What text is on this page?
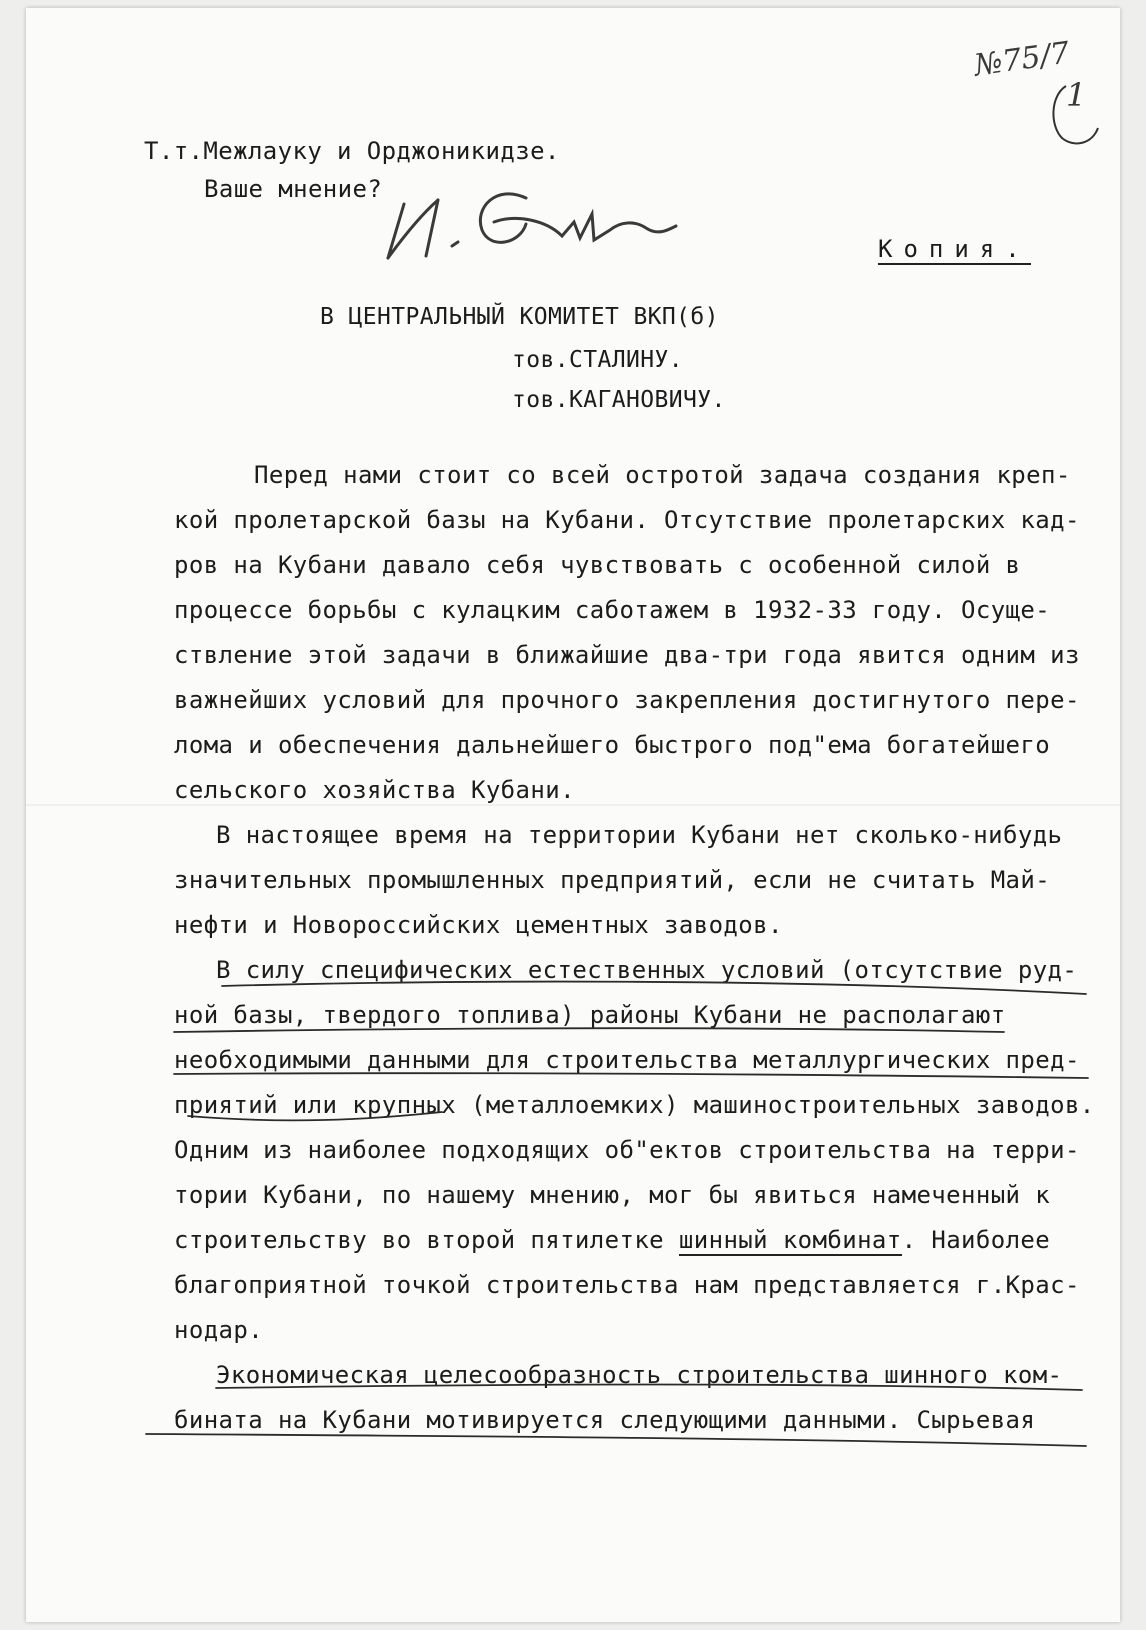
№75/7
1
Т.т.Межлауку и Орджоникидзе.
Ваше мнение?
Копия.
В ЦЕНТРАЛЬНЫЙ КОМИТЕТ ВКП(б)
тов.СТАЛИНУ.
тов.КАГАНОВИЧУ.
Перед нами стоит со всей остротой задача создания креп-
кой пролетарской базы на Кубани. Отсутствие пролетарских кад-
ров на Кубани давало себя чувствовать с особенной силой в
процессе борьбы с кулацким саботажем в 1932-33 году. Осуще-
ствление этой задачи в ближайшие два-три года явится одним из
важнейших условий для прочного закрепления достигнутого пере-
лома и обеспечения дальнейшего быстрого под"ема богатейшего
сельского хозяйства Кубани.
В настоящее время на территории Кубани нет сколько-нибудь
значительных промышленных предприятий, если не считать Май-
нефти и Новороссийских цементных заводов.
В силу специфических естественных условий (отсутствие руд-
ной базы, твердого топлива) районы Кубани не располагают
необходимыми данными для строительства металлургических пред-
приятий или крупных (металлоемких) машиностроительных заводов.
Одним из наиболее подходящих об"ектов строительства на терри-
тории Кубани, по нашему мнению, мог бы явиться намеченный к
строительству во второй пятилетке шинный комбинат. Наиболее
благоприятной точкой строительства нам представляется г.Крас-
нодар.
Экономическая целесообразность строительства шинного ком-
бината на Кубани мотивируется следующими данными. Сырьевая
